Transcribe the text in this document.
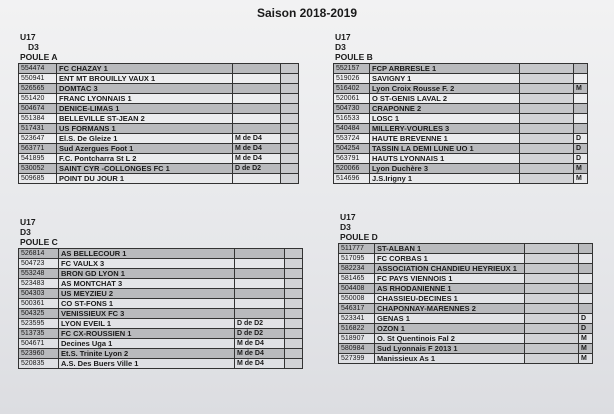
Saison 2018-2019
U17
D3
POULE A
554474	FC CHAZAY 1		
550941	ENT MT BROUILLY VAUX 1		
526565	DOMTAC 3		
551420	FRANC LYONNAIS 1		
504674	DENICE-LIMAS 1		
551384	BELLEVILLE ST-JEAN 2		
517431	US FORMANS 1		
523647	El.S. De Gleize 1	M de D4	
563771	Sud Azergues Foot 1	M de D4	
541895	F.C. Pontcharra St L 2	M de D4	
530052	SAINT CYR -COLLONGES FC 1	D de D2	
509685	POINT DU JOUR 1		
U17
D3
POULE B
552157	FCP ARBRESLE 1		
519026	SAVIGNY 1		
516402	Lyon Croix Rousse F. 2		M
520061	O ST-GENIS LAVAL 2		
504730	CRAPONNE 2		
516533	LOSC 1		
540484	MILLERY-VOURLES 3		
553724	HAUTE BREVENNE 1		D
504254	TASSIN LA DEMI LUNE UO 1		D
563791	HAUTS LYONNAIS 1		D
520066	Lyon Duchère 3		M
514696	J.S.Irigny 1		M
U17
D3
POULE C
526814	AS BELLECOUR 1		
504723	FC VAULX 3		
553248	BRON GD LYON 1		
523483	AS MONTCHAT 3		
504303	US MEYZIEU 2		
500361	CO ST-FONS 1		
504325	VENISSIEUX FC 3		
523595	LYON EVEIL 1	D de D2	
513735	FC CX-ROUSSIEN 1	D de D2	
504671	Decines Uga 1	M de D4	
523960	Et.S. Trinite Lyon 2	M de D4	
520835	A.S. Des Buers Ville 1	M de D4	
U17
D3
POULE D
511777	ST-ALBAN 1		
517095	FC CORBAS 1		
582234	ASSOCIATION CHANDIEU HEYRIEUX 1		
581465	FC PAYS VIENNOIS 1		
504408	AS RHODANIENNE 1		
550008	CHASSIEU-DECINES 1		
546317	CHAPONNAY-MARENNES 2		
523341	GENAS 1		D
516822	OZON 1		D
518907	O. St Quentinois Fal 2		M
580984	Sud Lyonnais F 2013 1		M
527399	Manissieux As 1		M
